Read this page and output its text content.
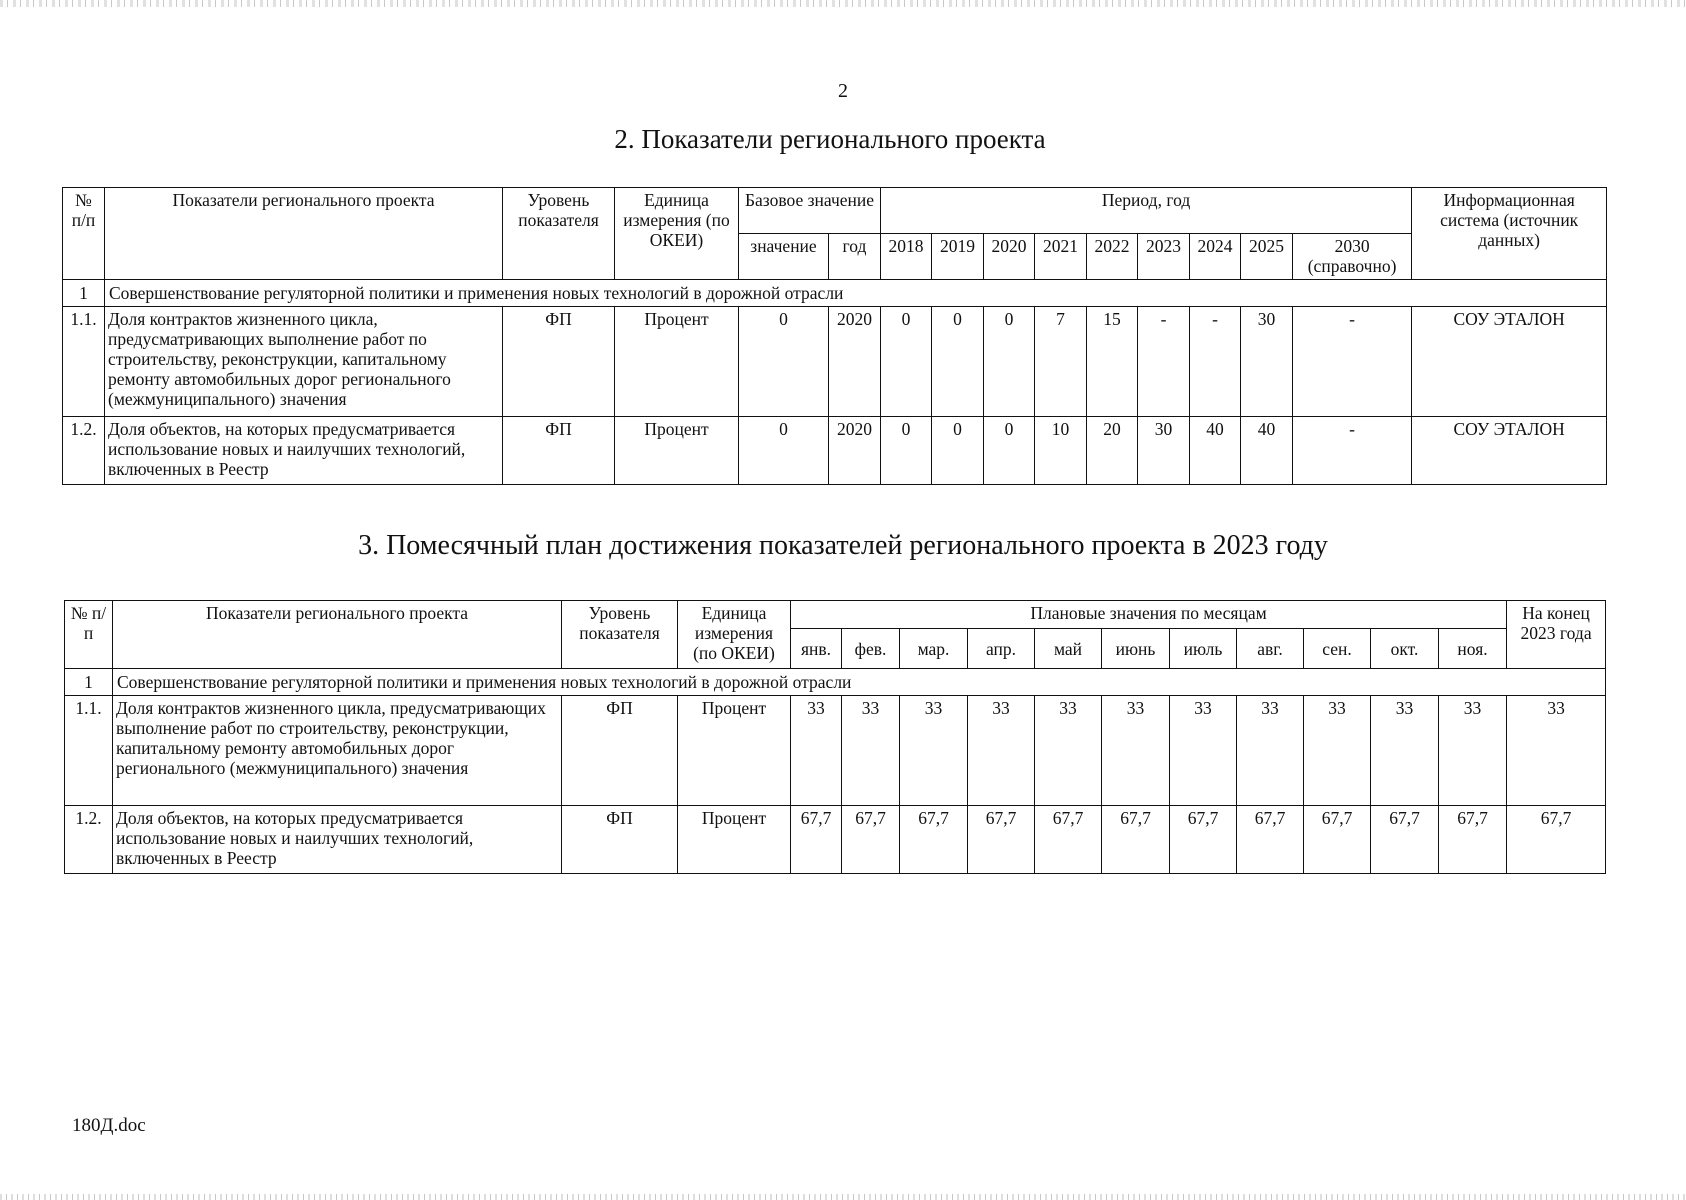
2
2. Показатели регионального проекта
№ п/п	Показатели регионального проекта	Уровень показателя	Единица измерения (по ОКЕИ)	Базовое значение		Период, год									Информационная система (источник данных)
				значение	год	2018	2019	2020	2021	2022	2023	2024	2025	2030 (справочно)	
1	Совершенствование регуляторной политики и применения новых технологий в дорожной отрасли														
1.1.	Доля контрактов жизненного цикла, предусматривающих выполнение работ по строительству, реконструкции, капитальному ремонту автомобильных дорог регионального (межмуниципального) значения	ФП	Процент	0	2020	0	0	0	7	15	-	-	30	-	СОУ ЭТАЛОН
1.2.	Доля объектов, на которых предусматривается использование новых и наилучших технологий, включенных в Реестр	ФП	Процент	0	2020	0	0	0	10	20	30	40	40	-	СОУ ЭТАЛОН
3. Помесячный план достижения показателей регионального проекта в 2023 году
№ п/п	Показатели регионального проекта	Уровень показателя	Единица измерения (по ОКЕИ)	Плановые значения по месяцам											На конец 2023 года
				янв.	фев.	мар.	апр.	май	июнь	июль	авг.	сен.	окт.	ноя.	
1	Совершенствование регуляторной политики и применения новых технологий в дорожной отрасли														
1.1.	Доля контрактов жизненного цикла, предусматривающих выполнение работ по строительству, реконструкции, капитальному ремонту автомобильных дорог регионального (межмуниципального) значения	ФП	Процент	33	33	33	33	33	33	33	33	33	33	33	33
1.2.	Доля объектов, на которых предусматривается использование новых и наилучших технологий, включенных в Реестр	ФП	Процент	67,7	67,7	67,7	67,7	67,7	67,7	67,7	67,7	67,7	67,7	67,7	67,7
180Д.doc
